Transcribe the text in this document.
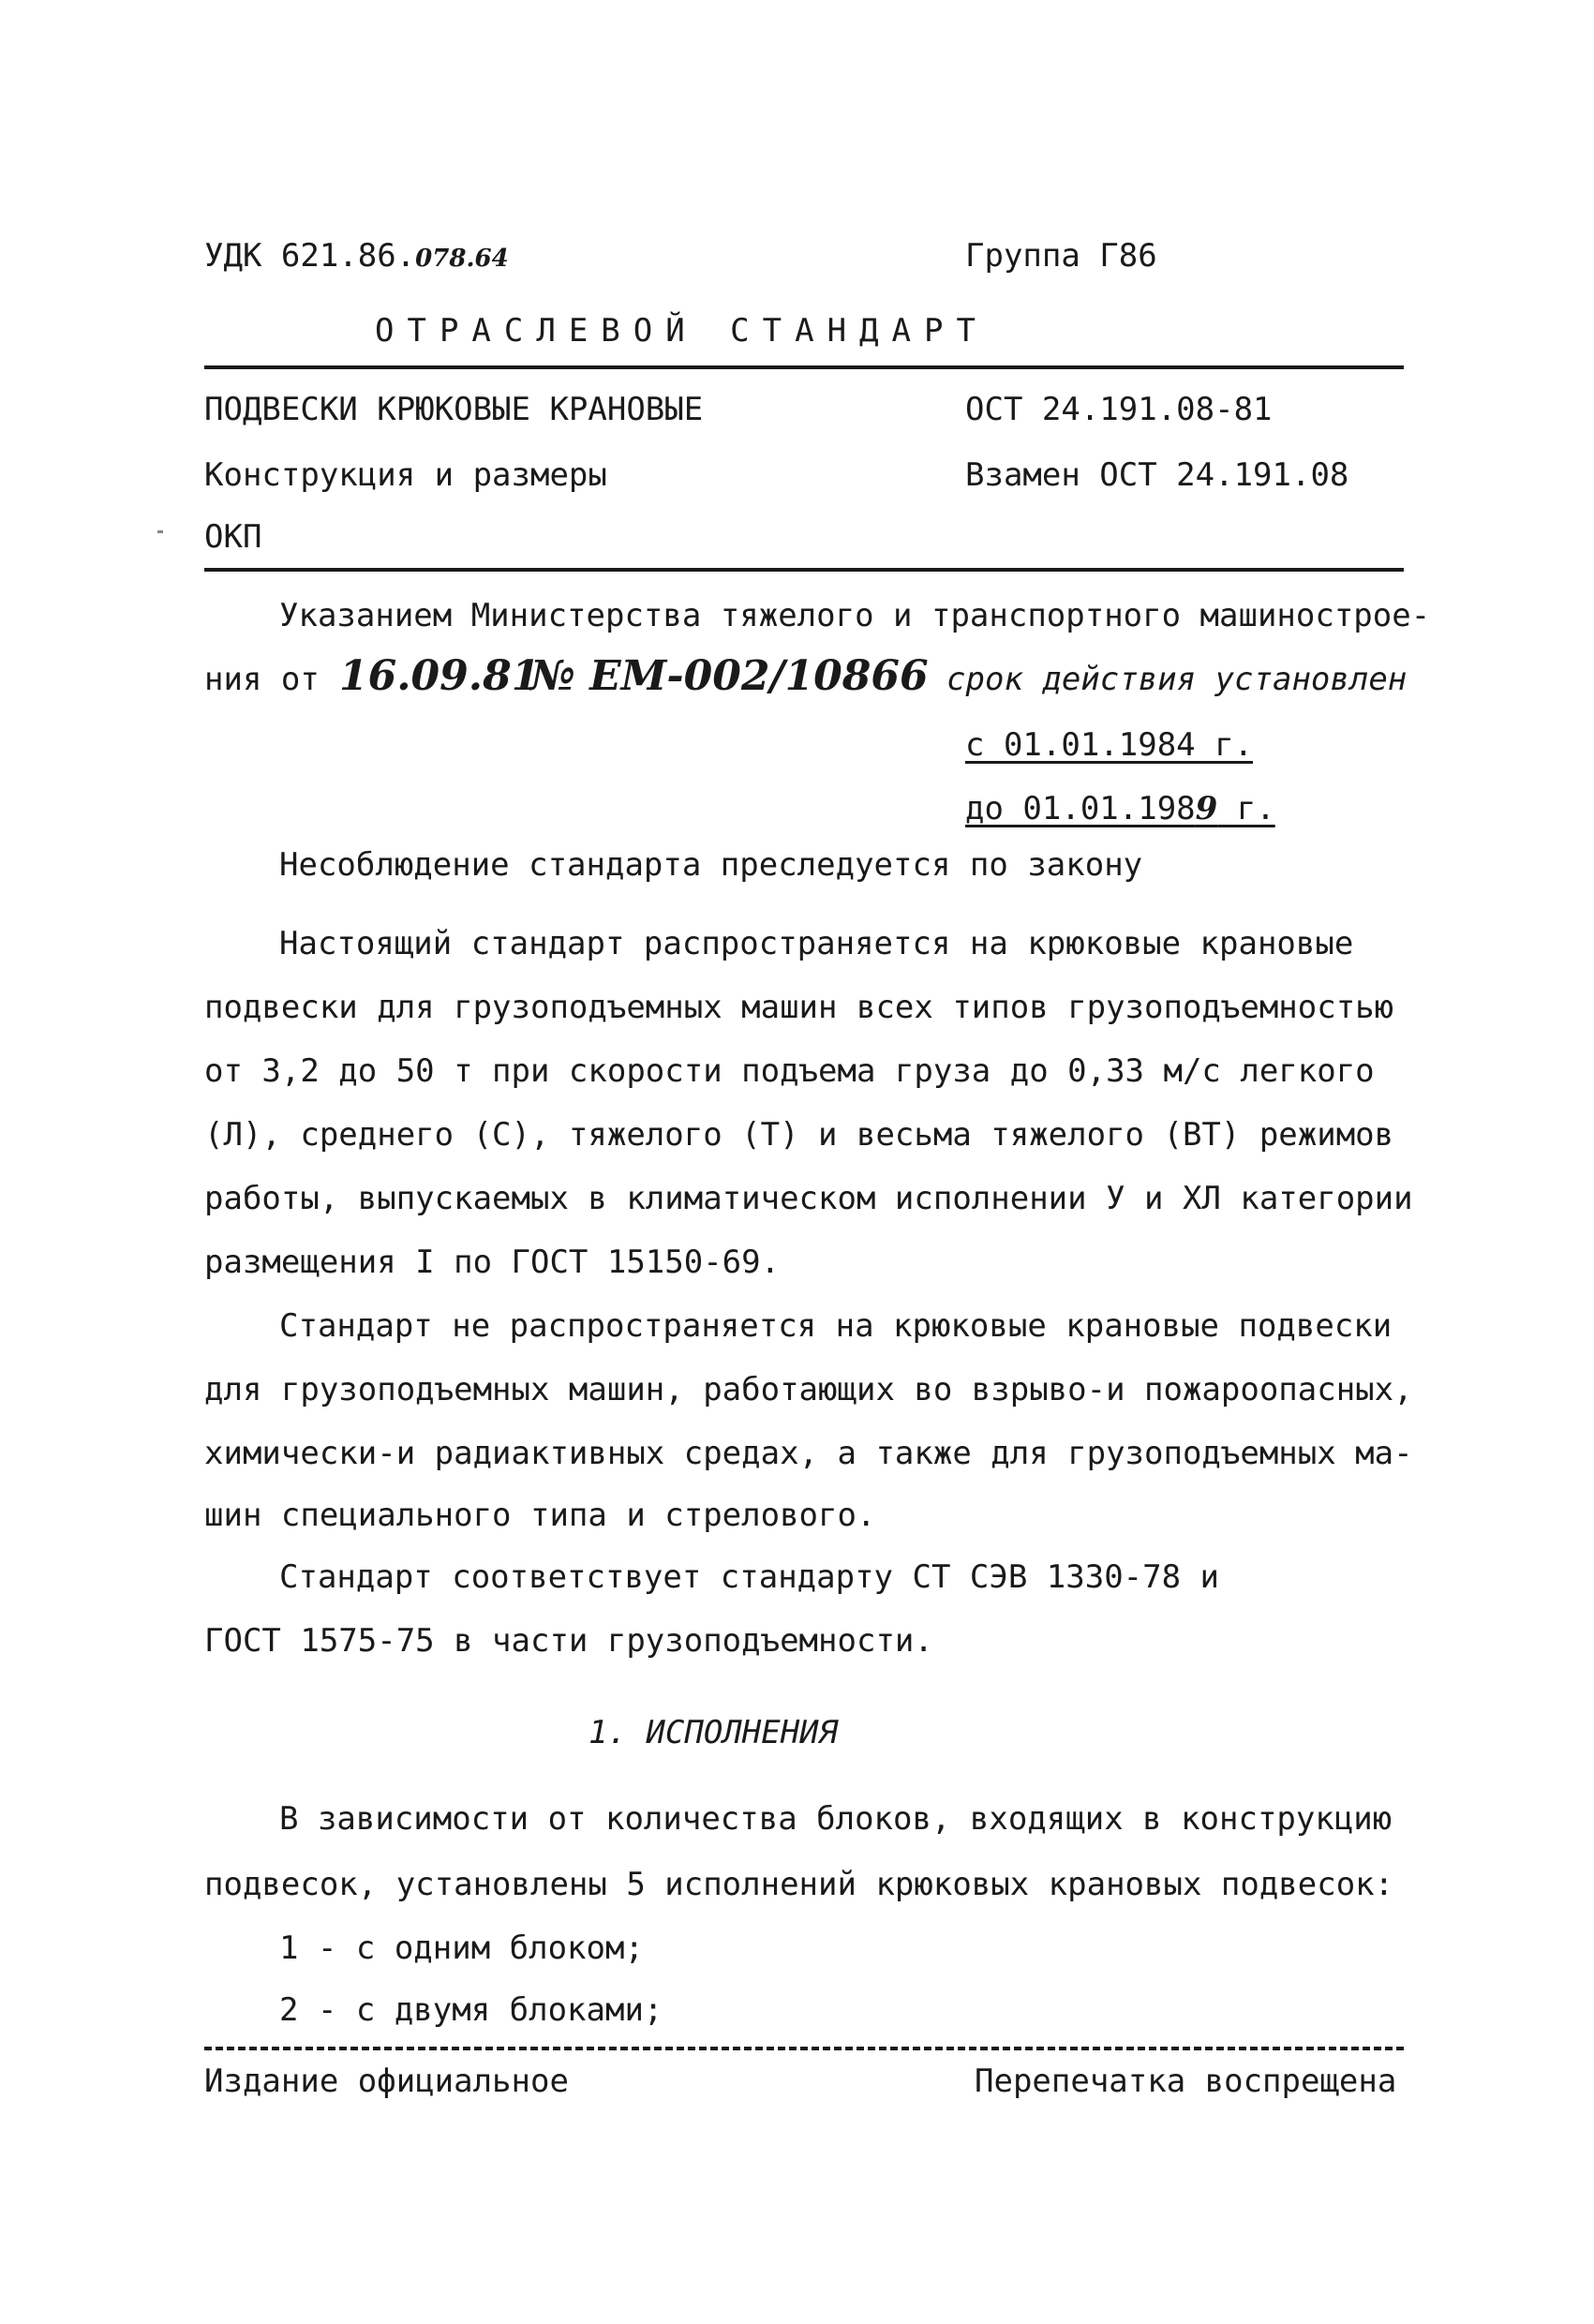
УДК 621.86.078.64	Группа Г86
ОТРАСЛЕВОЙ СТАНДАРТ
ПОДВЕСКИ КРЮКОВЫЕ КРАНОВЫЕ	ОСТ 24.191.08-81
Конструкция и размеры	Взамен ОСТ 24.191.08
ОКП
Указанием Министерства тяжелого и транспортного машинострое-
ния от 16.09.81
№ ЕМ-002/10866 срок действия установлен
с 01.01.1984 г.
до 01.01.1989 г.
Несоблюдение стандарта преследуется по закону
Настоящий стандарт распространяется на крюковые крановые
подвески для грузоподъемных машин всех типов грузоподъемностью
от 3,2 до 50 т при скорости подъема груза до 0,33 м/с легкого
(Л), среднего (С), тяжелого (Т) и весьма тяжелого (ВТ) режимов
работы, выпускаемых в климатическом исполнении У и ХЛ категории
размещения I по ГОСТ 15150-69.
Стандарт не распространяется на крюковые крановые подвески
для грузоподъемных машин, работающих во взрыво-и пожароопасных,
химически-и радиактивных средах, а также для грузоподъемных ма-
шин специального типа и стрелового.
Стандарт соответствует стандарту СТ СЭВ 1330-78 и
ГОСТ 1575-75 в части грузоподъемности.
1. ИСПОЛНЕНИЯ
В зависимости от количества блоков, входящих в конструкцию
подвесок, установлены 5 исполнений крюковых крановых подвесок:
1 - с одним блоком;
2 - с двумя блоками;
Издание официальное	Перепечатка воспрещена
